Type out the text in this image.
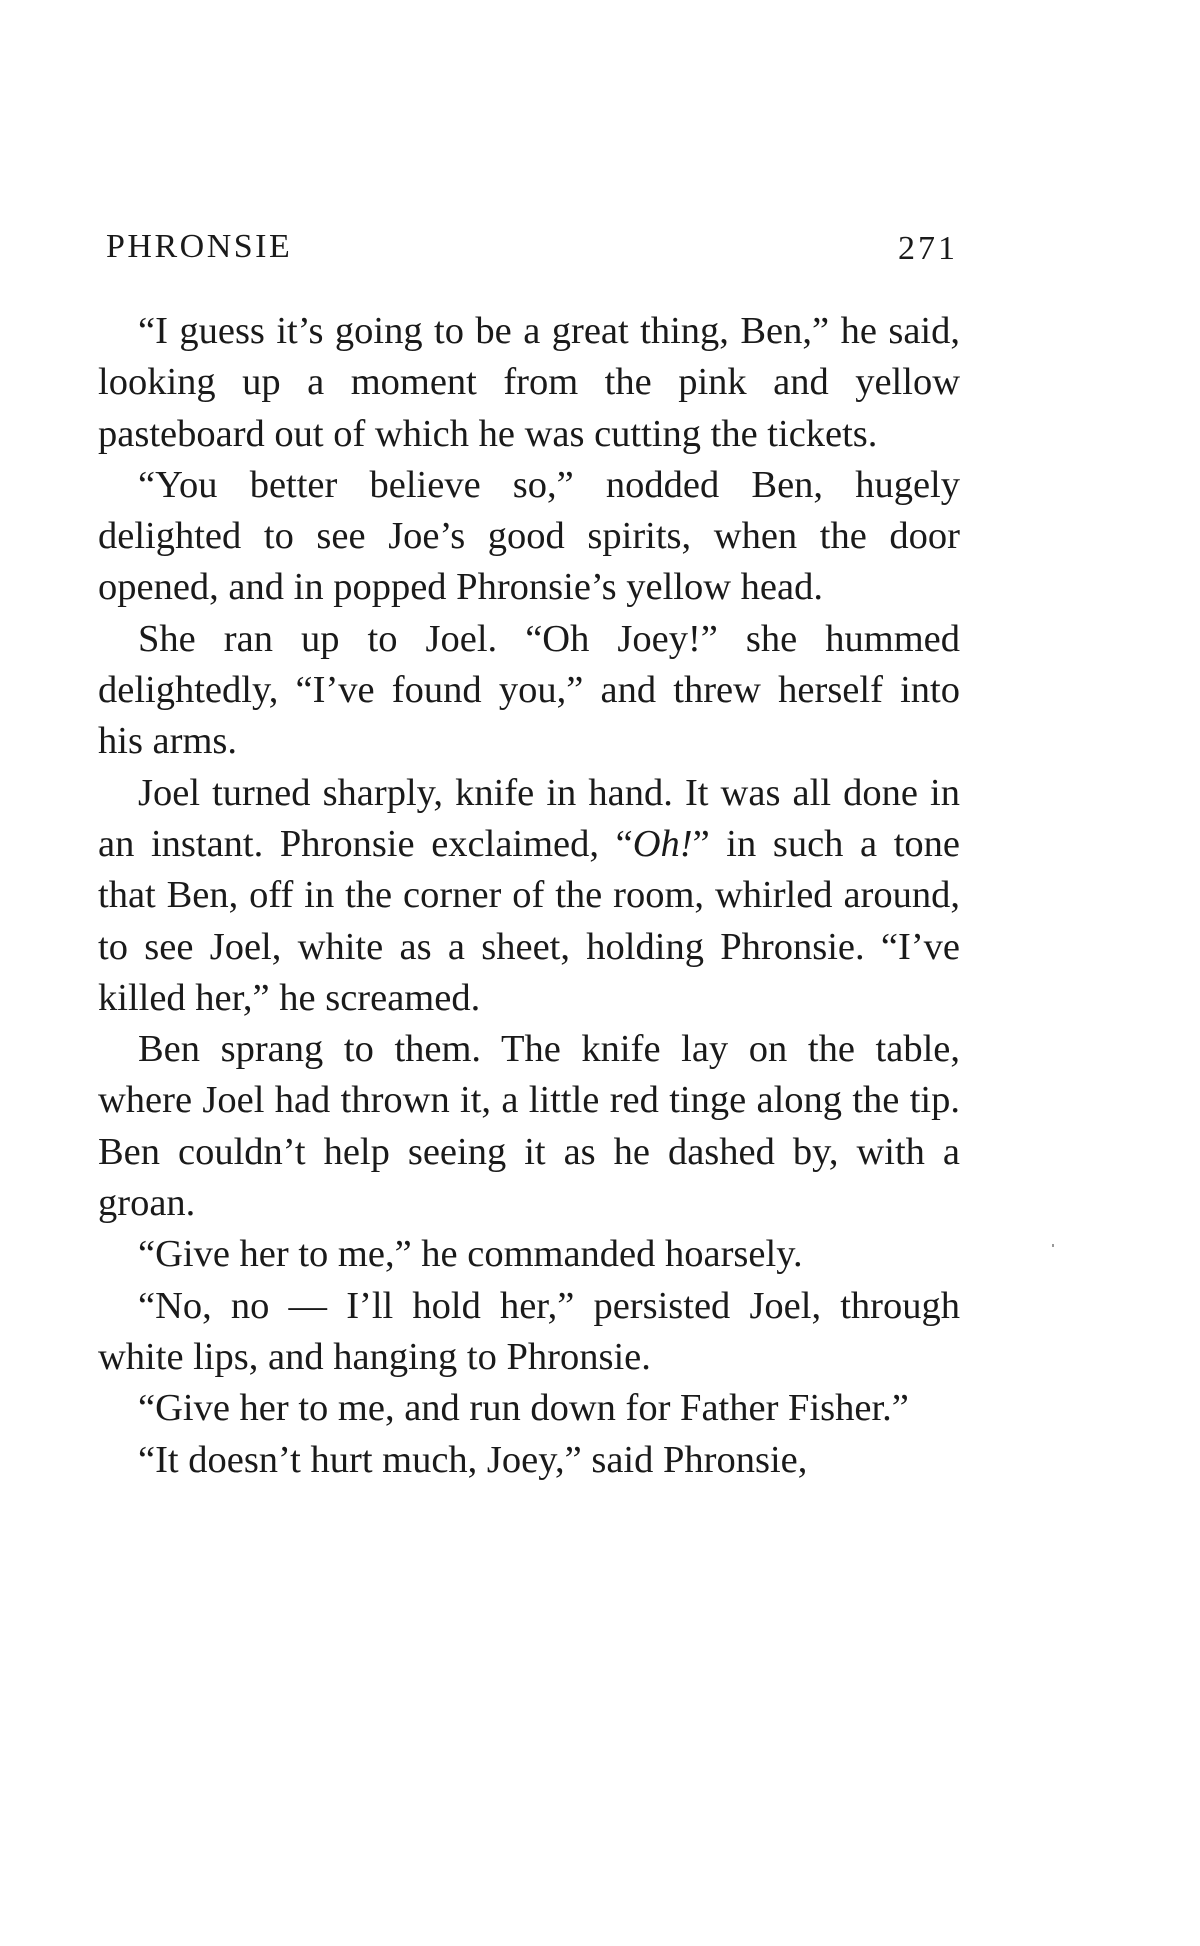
PHRONSIE	271

“I guess it’s going to be a great thing, Ben,” he said, looking up a moment from the pink and yellow pasteboard out of which he was cutting the tickets.

“You better believe so,” nodded Ben, hugely delighted to see Joe’s good spirits, when the door opened, and in popped Phronsie’s yellow head.

She ran up to Joel. “Oh Joey!” she hummed delightedly, “I’ve found you,” and threw herself into his arms.

Joel turned sharply, knife in hand. It was all done in an instant. Phronsie exclaimed, “Oh!” in such a tone that Ben, off in the corner of the room, whirled around, to see Joel, white as a sheet, holding Phronsie. “I’ve killed her,” he screamed.

Ben sprang to them. The knife lay on the table, where Joel had thrown it, a little red tinge along the tip. Ben couldn’t help seeing it as he dashed by, with a groan.

“Give her to me,” he commanded hoarsely.

“No, no — I’ll hold her,” persisted Joel, through white lips, and hanging to Phronsie.

“Give her to me, and run down for Father Fisher.”

“It doesn’t hurt much, Joey,” said Phronsie,
